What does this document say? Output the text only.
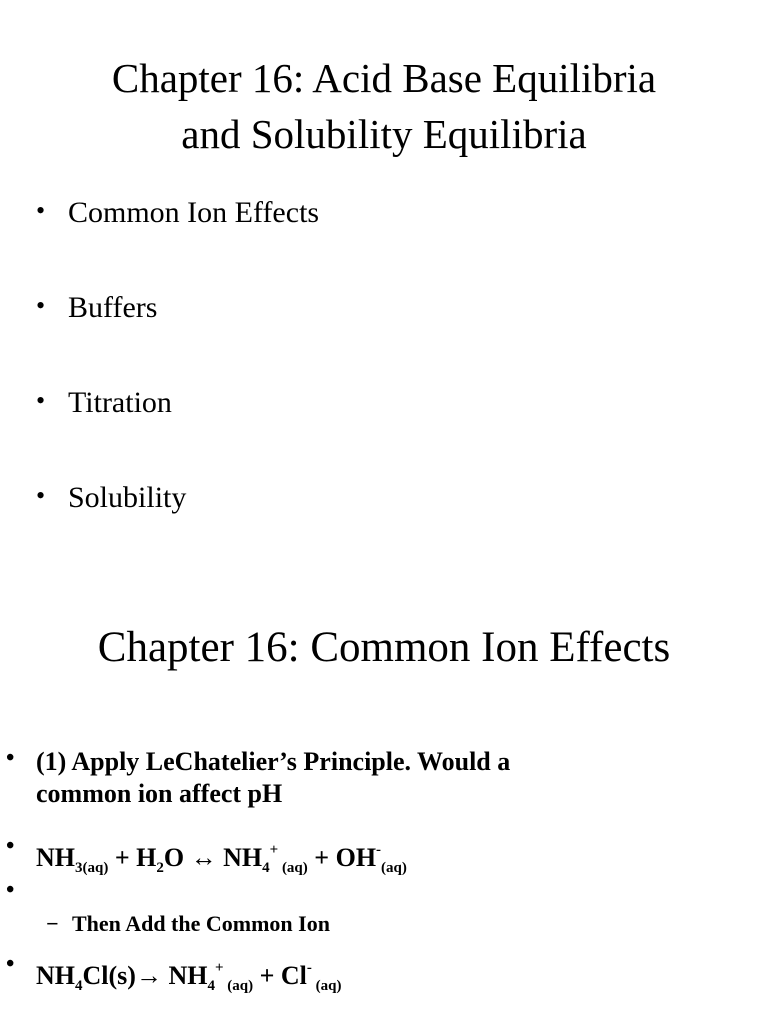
Chapter 16: Acid Base Equilibria
and Solubility Equilibria
• Common Ion Effects
• Buffers
• Titration
• Solubility
Chapter 16: Common Ion Effects
• (1) Apply LeChatelier’s Principle. Would a
common ion affect pH
• $NH_{3(aq)} + H_2O$ ↔ $NH_4^+$ $_{(aq)} + OH^-_{(aq)}$
•
− Then Add the Common Ion
• $NH_4Cl(s)\to NH_4^+$ $_{(aq)}$ + Cl- $_{(aq)}$
